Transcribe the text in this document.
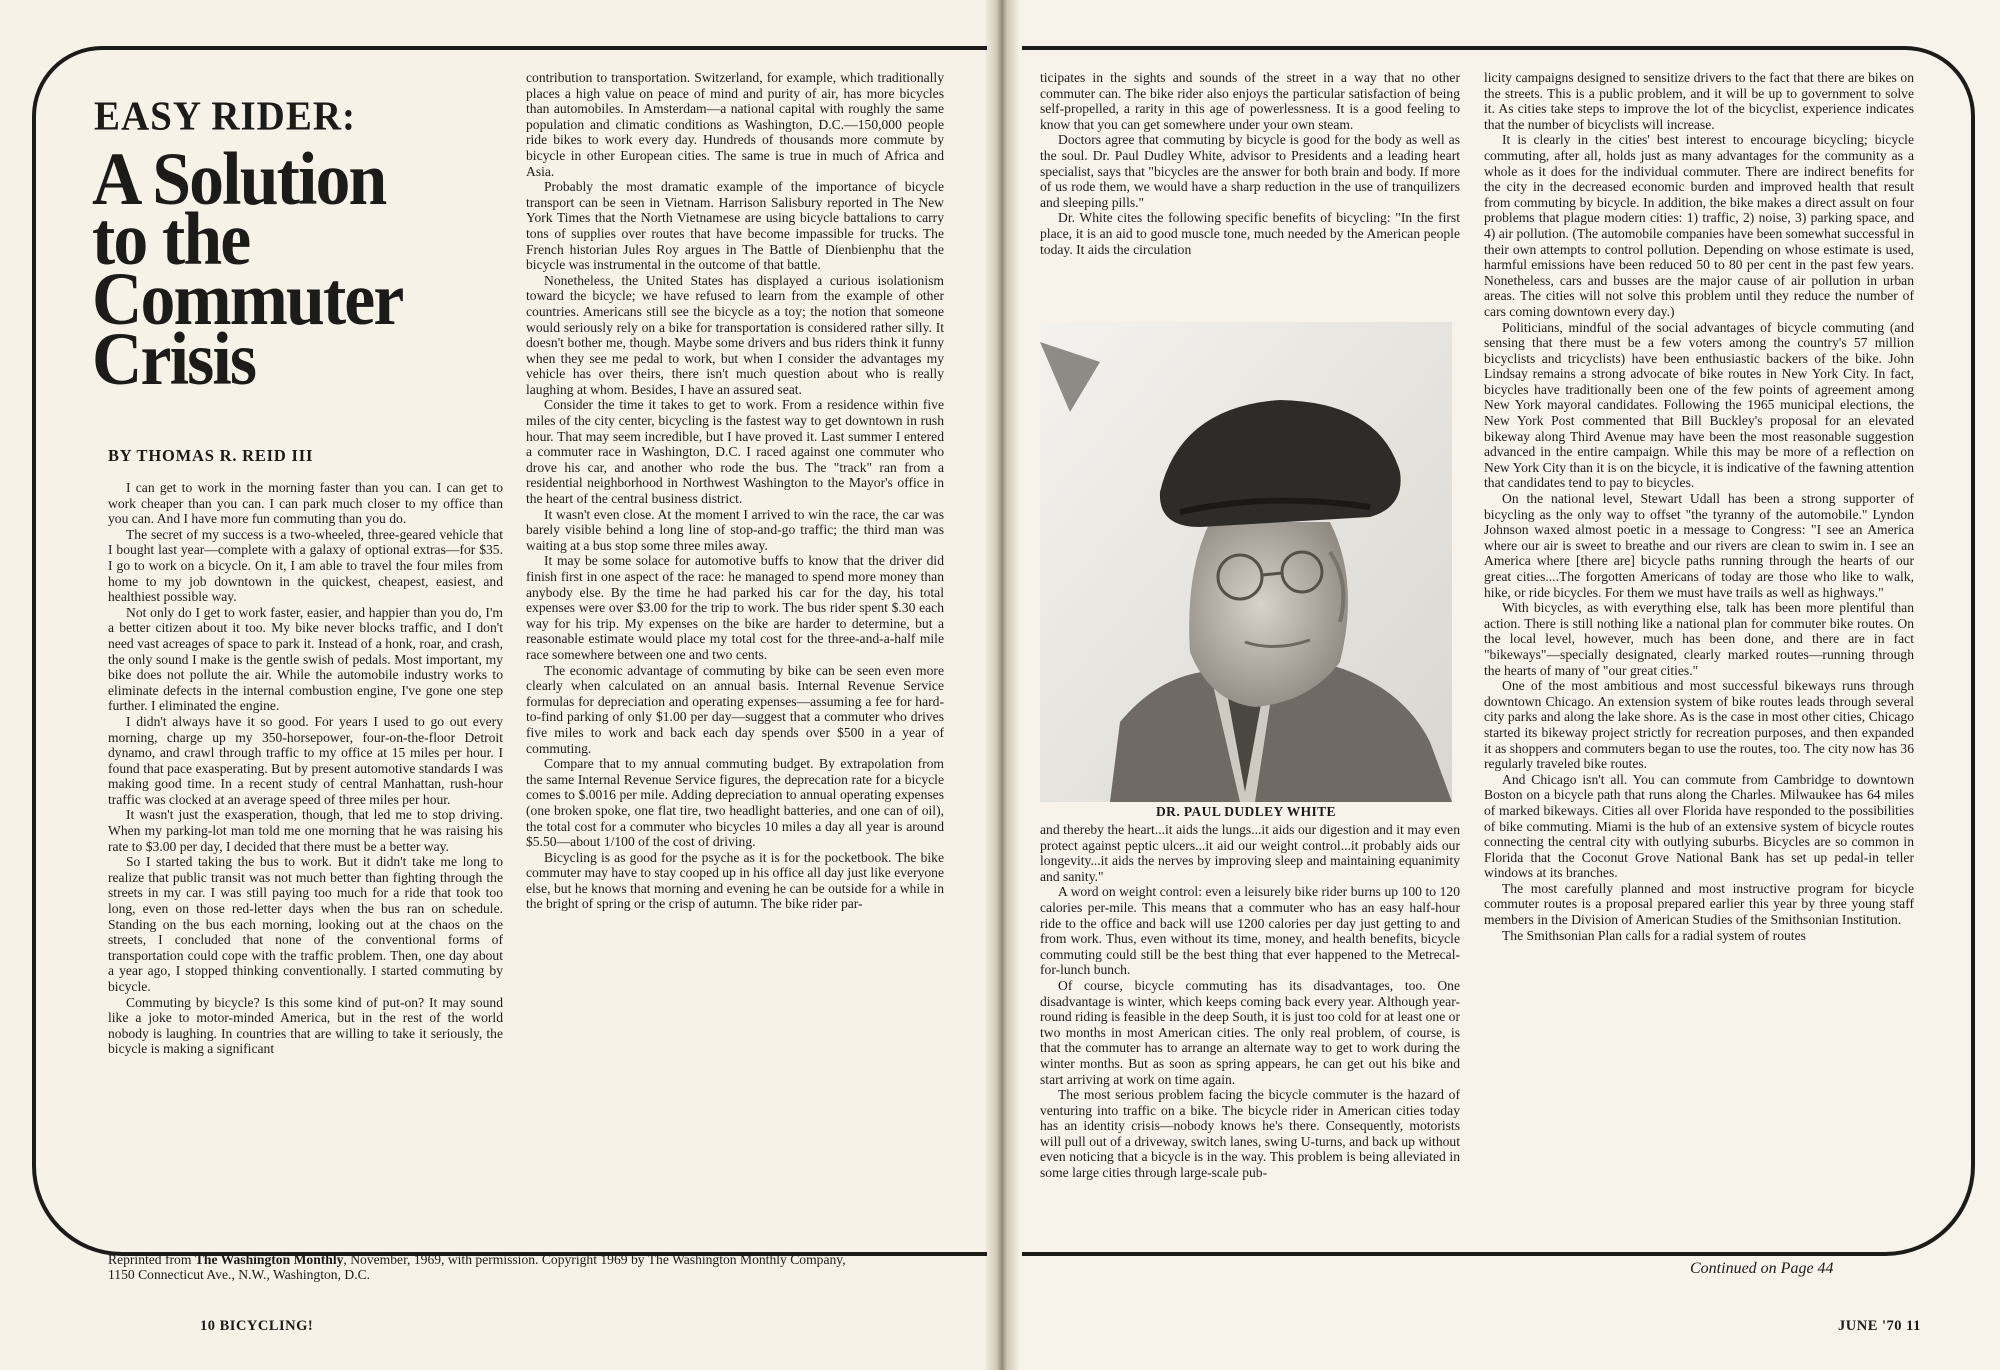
EASY RIDER:
A Solution
to the
Commuter
Crisis
BY THOMAS R. REID III

I can get to work in the morning faster than you can. I can get to work cheaper than you can. I can park much closer to my office than you can. And I have more fun commuting than you do.

The secret of my success is a two-wheeled, three-geared vehicle that I bought last year—complete with a galaxy of optional extras—for $35. I go to work on a bicycle. On it, I am able to travel the four miles from home to my job downtown in the quickest, cheapest, easiest, and healthiest possible way.

Not only do I get to work faster, easier, and happier than you do, I'm a better citizen about it too. My bike never blocks traffic, and I don't need vast acreages of space to park it. Instead of a honk, roar, and crash, the only sound I make is the gentle swish of pedals. Most important, my bike does not pollute the air. While the automobile industry works to eliminate defects in the internal combustion engine, I've gone one step further. I eliminated the engine.

I didn't always have it so good. For years I used to go out every morning, charge up my 350-horsepower, four-on-the-floor Detroit dynamo, and crawl through traffic to my office at 15 miles per hour. I found that pace exasperating. But by present automotive standards I was making good time. In a recent study of central Manhattan, rush-hour traffic was clocked at an average speed of three miles per hour.

It wasn't just the exasperation, though, that led me to stop driving. When my parking-lot man told me one morning that he was raising his rate to $3.00 per day, I decided that there must be a better way.

So I started taking the bus to work. But it didn't take me long to realize that public transit was not much better than fighting through the streets in my car. I was still paying too much for a ride that took too long, even on those red-letter days when the bus ran on schedule. Standing on the bus each morning, looking out at the chaos on the streets, I concluded that none of the conventional forms of transportation could cope with the traffic problem. Then, one day about a year ago, I stopped thinking conventionally. I started commuting by bicycle.

Commuting by bicycle? Is this some kind of put-on? It may sound like a joke to motor-minded America, but in the rest of the world nobody is laughing. In countries that are willing to take it seriously, the bicycle is making a significant

contribution to transportation. Switzerland, for example, which traditionally places a high value on peace of mind and purity of air, has more bicycles than automobiles. In Amsterdam—a national capital with roughly the same population and climatic conditions as Washington, D.C.—150,000 people ride bikes to work every day. Hundreds of thousands more commute by bicycle in other European cities. The same is true in much of Africa and Asia.

Probably the most dramatic example of the importance of bicycle transport can be seen in Vietnam. Harrison Salisbury reported in The New York Times that the North Vietnamese are using bicycle battalions to carry tons of supplies over routes that have become impassible for trucks. The French historian Jules Roy argues in The Battle of Dienbienphu that the bicycle was instrumental in the outcome of that battle.

Nonetheless, the United States has displayed a curious isolationism toward the bicycle; we have refused to learn from the example of other countries. Americans still see the bicycle as a toy; the notion that someone would seriously rely on a bike for transportation is considered rather silly. It doesn't bother me, though. Maybe some drivers and bus riders think it funny when they see me pedal to work, but when I consider the advantages my vehicle has over theirs, there isn't much question about who is really laughing at whom. Besides, I have an assured seat.

Consider the time it takes to get to work. From a residence within five miles of the city center, bicycling is the fastest way to get downtown in rush hour. That may seem incredible, but I have proved it. Last summer I entered a commuter race in Washington, D.C. I raced against one commuter who drove his car, and another who rode the bus. The "track" ran from a residential neighborhood in Northwest Washington to the Mayor's office in the heart of the central business district.

It wasn't even close. At the moment I arrived to win the race, the car was barely visible behind a long line of stop-and-go traffic; the third man was waiting at a bus stop some three miles away.

It may be some solace for automotive buffs to know that the driver did finish first in one aspect of the race: he managed to spend more money than anybody else. By the time he had parked his car for the day, his total expenses were over $3.00 for the trip to work. The bus rider spent $.30 each way for his trip. My expenses on the bike are harder to determine, but a reasonable estimate would place my total cost for the three-and-a-half mile race somewhere between one and two cents.

The economic advantage of commuting by bike can be seen even more clearly when calculated on an annual basis. Internal Revenue Service formulas for depreciation and operating expenses—assuming a fee for hard-to-find parking of only $1.00 per day—suggest that a commuter who drives five miles to work and back each day spends over $500 in a year of commuting.

Compare that to my annual commuting budget. By extrapolation from the same Internal Revenue Service figures, the deprecation rate for a bicycle comes to $.0016 per mile. Adding depreciation to annual operating expenses (one broken spoke, one flat tire, two headlight batteries, and one can of oil), the total cost for a commuter who bicycles 10 miles a day all year is around $5.50—about 1/100 of the cost of driving.

Bicycling is as good for the psyche as it is for the pocketbook. The bike commuter may have to stay cooped up in his office all day just like everyone else, but he knows that morning and evening he can be outside for a while in the bright of spring or the crisp of autumn. The bike rider par-

Reprinted from The Washington Monthly, November, 1969, with permission. Copyright 1969 by The Washington Monthly Company, 1150 Connecticut Ave., N.W., Washington, D.C.
10 BICYCLING!

ticipates in the sights and sounds of the street in a way that no other commuter can. The bike rider also enjoys the particular satisfaction of being self-propelled, a rarity in this age of powerlessness. It is a good feeling to know that you can get somewhere under your own steam.

Doctors agree that commuting by bicycle is good for the body as well as the soul. Dr. Paul Dudley White, advisor to Presidents and a leading heart specialist, says that "bicycles are the answer for both brain and body. If more of us rode them, we would have a sharp reduction in the use of tranquilizers and sleeping pills."

Dr. White cites the following specific benefits of bicycling: "In the first place, it is an aid to good muscle tone, much needed by the American people today. It aids the circulation

DR. PAUL DUDLEY WHITE

and thereby the heart...it aids the lungs...it aids our digestion and it may even protect against peptic ulcers...it aid our weight control...it probably aids our longevity...it aids the nerves by improving sleep and maintaining equanimity and sanity."

A word on weight control: even a leisurely bike rider burns up 100 to 120 calories per-mile. This means that a commuter who has an easy half-hour ride to the office and back will use 1200 calories per day just getting to and from work. Thus, even without its time, money, and health benefits, bicycle commuting could still be the best thing that ever happened to the Metrecal-for-lunch bunch.

Of course, bicycle commuting has its disadvantages, too. One disadvantage is winter, which keeps coming back every year. Although year-round riding is feasible in the deep South, it is just too cold for at least one or two months in most American cities. The only real problem, of course, is that the commuter has to arrange an alternate way to get to work during the winter months. But as soon as spring appears, he can get out his bike and start arriving at work on time again.

The most serious problem facing the bicycle commuter is the hazard of venturing into traffic on a bike. The bicycle rider in American cities today has an identity crisis—nobody knows he's there. Consequently, motorists will pull out of a driveway, switch lanes, swing U-turns, and back up without even noticing that a bicycle is in the way. This problem is being alleviated in some large cities through large-scale pub-

licity campaigns designed to sensitize drivers to the fact that there are bikes on the streets. This is a public problem, and it will be up to government to solve it. As cities take steps to improve the lot of the bicyclist, experience indicates that the number of bicyclists will increase.

It is clearly in the cities' best interest to encourage bicycling; bicycle commuting, after all, holds just as many advantages for the community as a whole as it does for the individual commuter. There are indirect benefits for the city in the decreased economic burden and improved health that result from commuting by bicycle. In addition, the bike makes a direct assult on four problems that plague modern cities: 1) traffic, 2) noise, 3) parking space, and 4) air pollution. (The automobile companies have been somewhat successful in their own attempts to control pollution. Depending on whose estimate is used, harmful emissions have been reduced 50 to 80 per cent in the past few years. Nonetheless, cars and busses are the major cause of air pollution in urban areas. The cities will not solve this problem until they reduce the number of cars coming downtown every day.)

Politicians, mindful of the social advantages of bicycle commuting (and sensing that there must be a few voters among the country's 57 million bicyclists and tricyclists) have been enthusiastic backers of the bike. John Lindsay remains a strong advocate of bike routes in New York City. In fact, bicycles have traditionally been one of the few points of agreement among New York mayoral candidates. Following the 1965 municipal elections, the New York Post commented that Bill Buckley's proposal for an elevated bikeway along Third Avenue may have been the most reasonable suggestion advanced in the entire campaign. While this may be more of a reflection on New York City than it is on the bicycle, it is indicative of the fawning attention that candidates tend to pay to bicycles.

On the national level, Stewart Udall has been a strong supporter of bicycling as the only way to offset "the tyranny of the automobile." Lyndon Johnson waxed almost poetic in a message to Congress: "I see an America where our air is sweet to breathe and our rivers are clean to swim in. I see an America where [there are] bicycle paths running through the hearts of our great cities....The forgotten Americans of today are those who like to walk, hike, or ride bicycles. For them we must have trails as well as highways."

With bicycles, as with everything else, talk has been more plentiful than action. There is still nothing like a national plan for commuter bike routes. On the local level, however, much has been done, and there are in fact "bikeways"—specially designated, clearly marked routes—running through the hearts of many of "our great cities."

One of the most ambitious and most successful bikeways runs through downtown Chicago. An extension system of bike routes leads through several city parks and along the lake shore. As is the case in most other cities, Chicago started its bikeway project strictly for recreation purposes, and then expanded it as shoppers and commuters began to use the routes, too. The city now has 36 regularly traveled bike routes.

And Chicago isn't all. You can commute from Cambridge to downtown Boston on a bicycle path that runs along the Charles. Milwaukee has 64 miles of marked bikeways. Cities all over Florida have responded to the possibilities of bike commuting. Miami is the hub of an extensive system of bicycle routes connecting the central city with outlying suburbs. Bicycles are so common in Florida that the Coconut Grove National Bank has set up pedal-in teller windows at its branches.

The most carefully planned and most instructive program for bicycle commuter routes is a proposal prepared earlier this year by three young staff members in the Division of American Studies of the Smithsonian Institution.

The Smithsonian Plan calls for a radial system of routes

Continued on Page 44
JUNE '70 11
